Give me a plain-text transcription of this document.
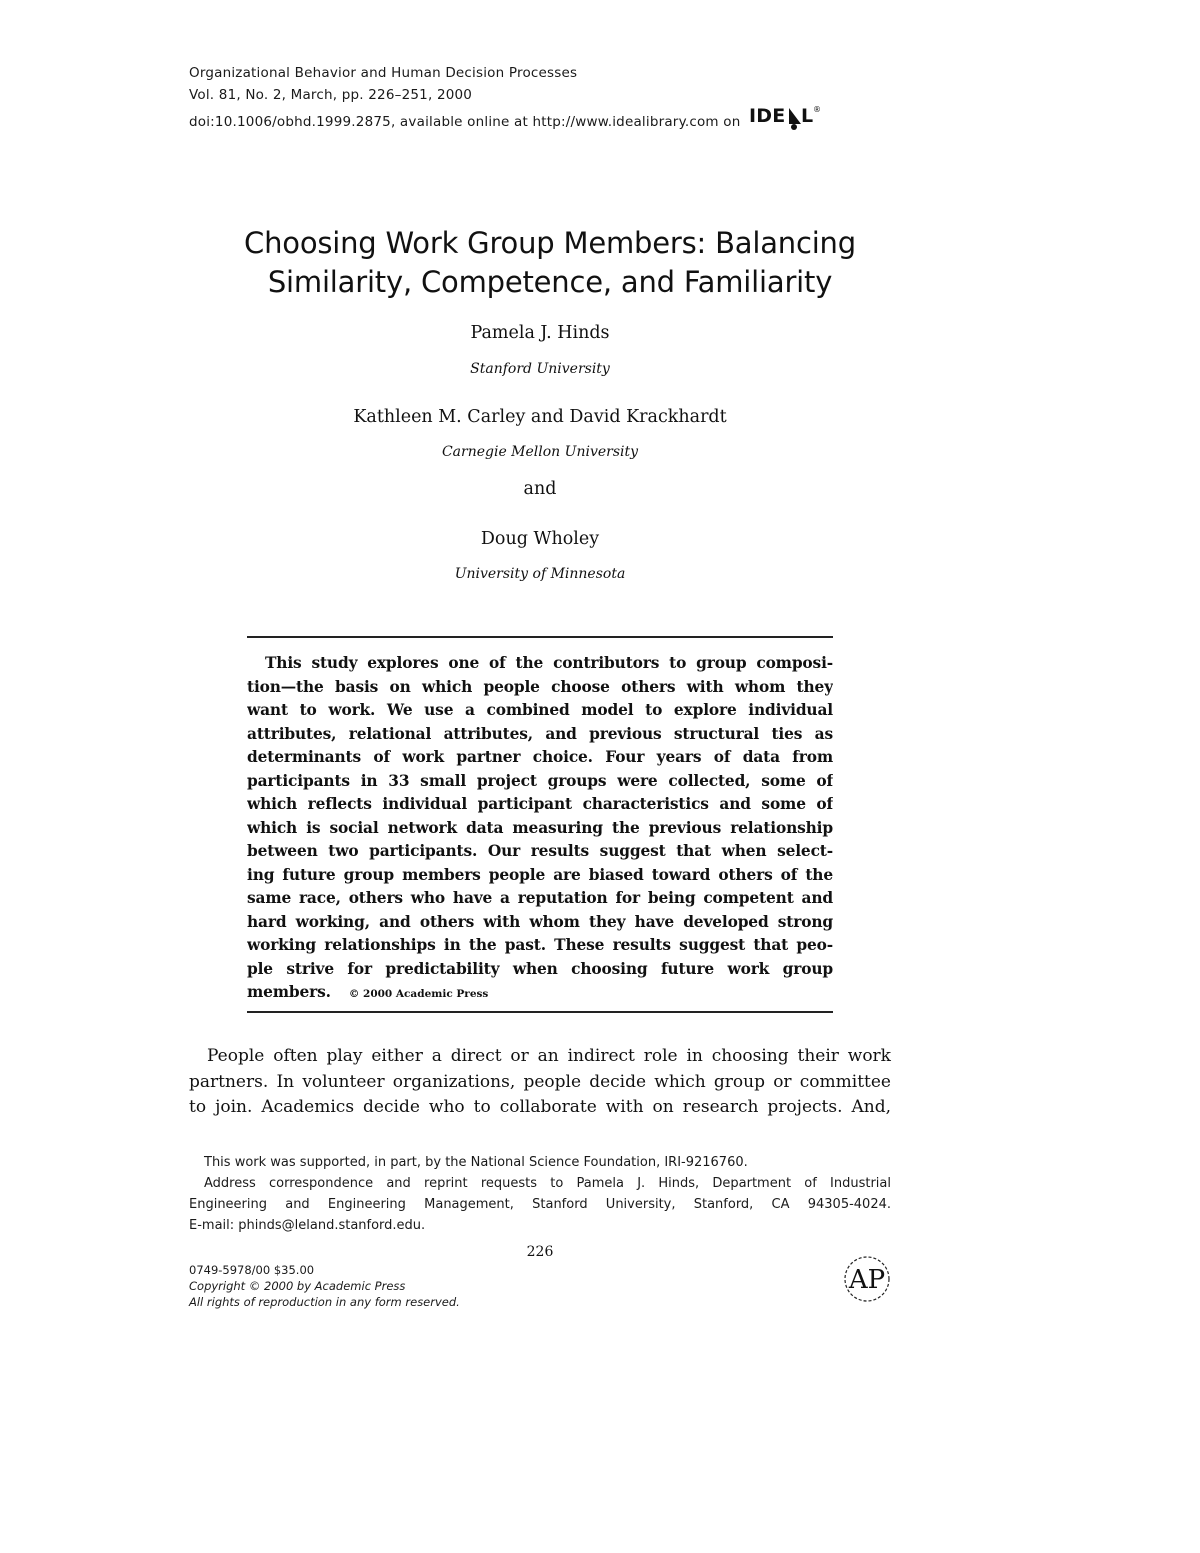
Organizational Behavior and Human Decision Processes
Vol. 81, No. 2, March, pp. 226–251, 2000
doi:10.1006/obhd.1999.2875, available online at http://www.idealibrary.com on IDE L ®
Choosing Work Group Members: Balancing
Similarity, Competence, and Familiarity
Pamela J. Hinds
Stanford University
Kathleen M. Carley and David Krackhardt
Carnegie Mellon University
and
Doug Wholey
University of Minnesota
This study explores one of the contributors to group composi-
tion—the basis on which people choose others with whom they
want to work. We use a combined model to explore individual
attributes, relational attributes, and previous structural ties as
determinants of work partner choice. Four years of data from
participants in 33 small project groups were collected, some of
which reflects individual participant characteristics and some of
which is social network data measuring the previous relationship
between two participants. Our results suggest that when select-
ing future group members people are biased toward others of the
same race, others who have a reputation for being competent and
hard working, and others with whom they have developed strong
working relationships in the past. These results suggest that peo-
ple strive for predictability when choosing future work group
members. © 2000 Academic Press
People often play either a direct or an indirect role in choosing their work
partners. In volunteer organizations, people decide which group or committee
to join. Academics decide who to collaborate with on research projects. And,
This work was supported, in part, by the National Science Foundation, IRI-9216760.
Address correspondence and reprint requests to Pamela J. Hinds, Department of Industrial
Engineering and Engineering Management, Stanford University, Stanford, CA 94305-4024.
E-mail: phinds@leland.stanford.edu.
226
0749-5978/00 $35.00
Copyright © 2000 by Academic Press
All rights of reproduction in any form reserved.
AP
